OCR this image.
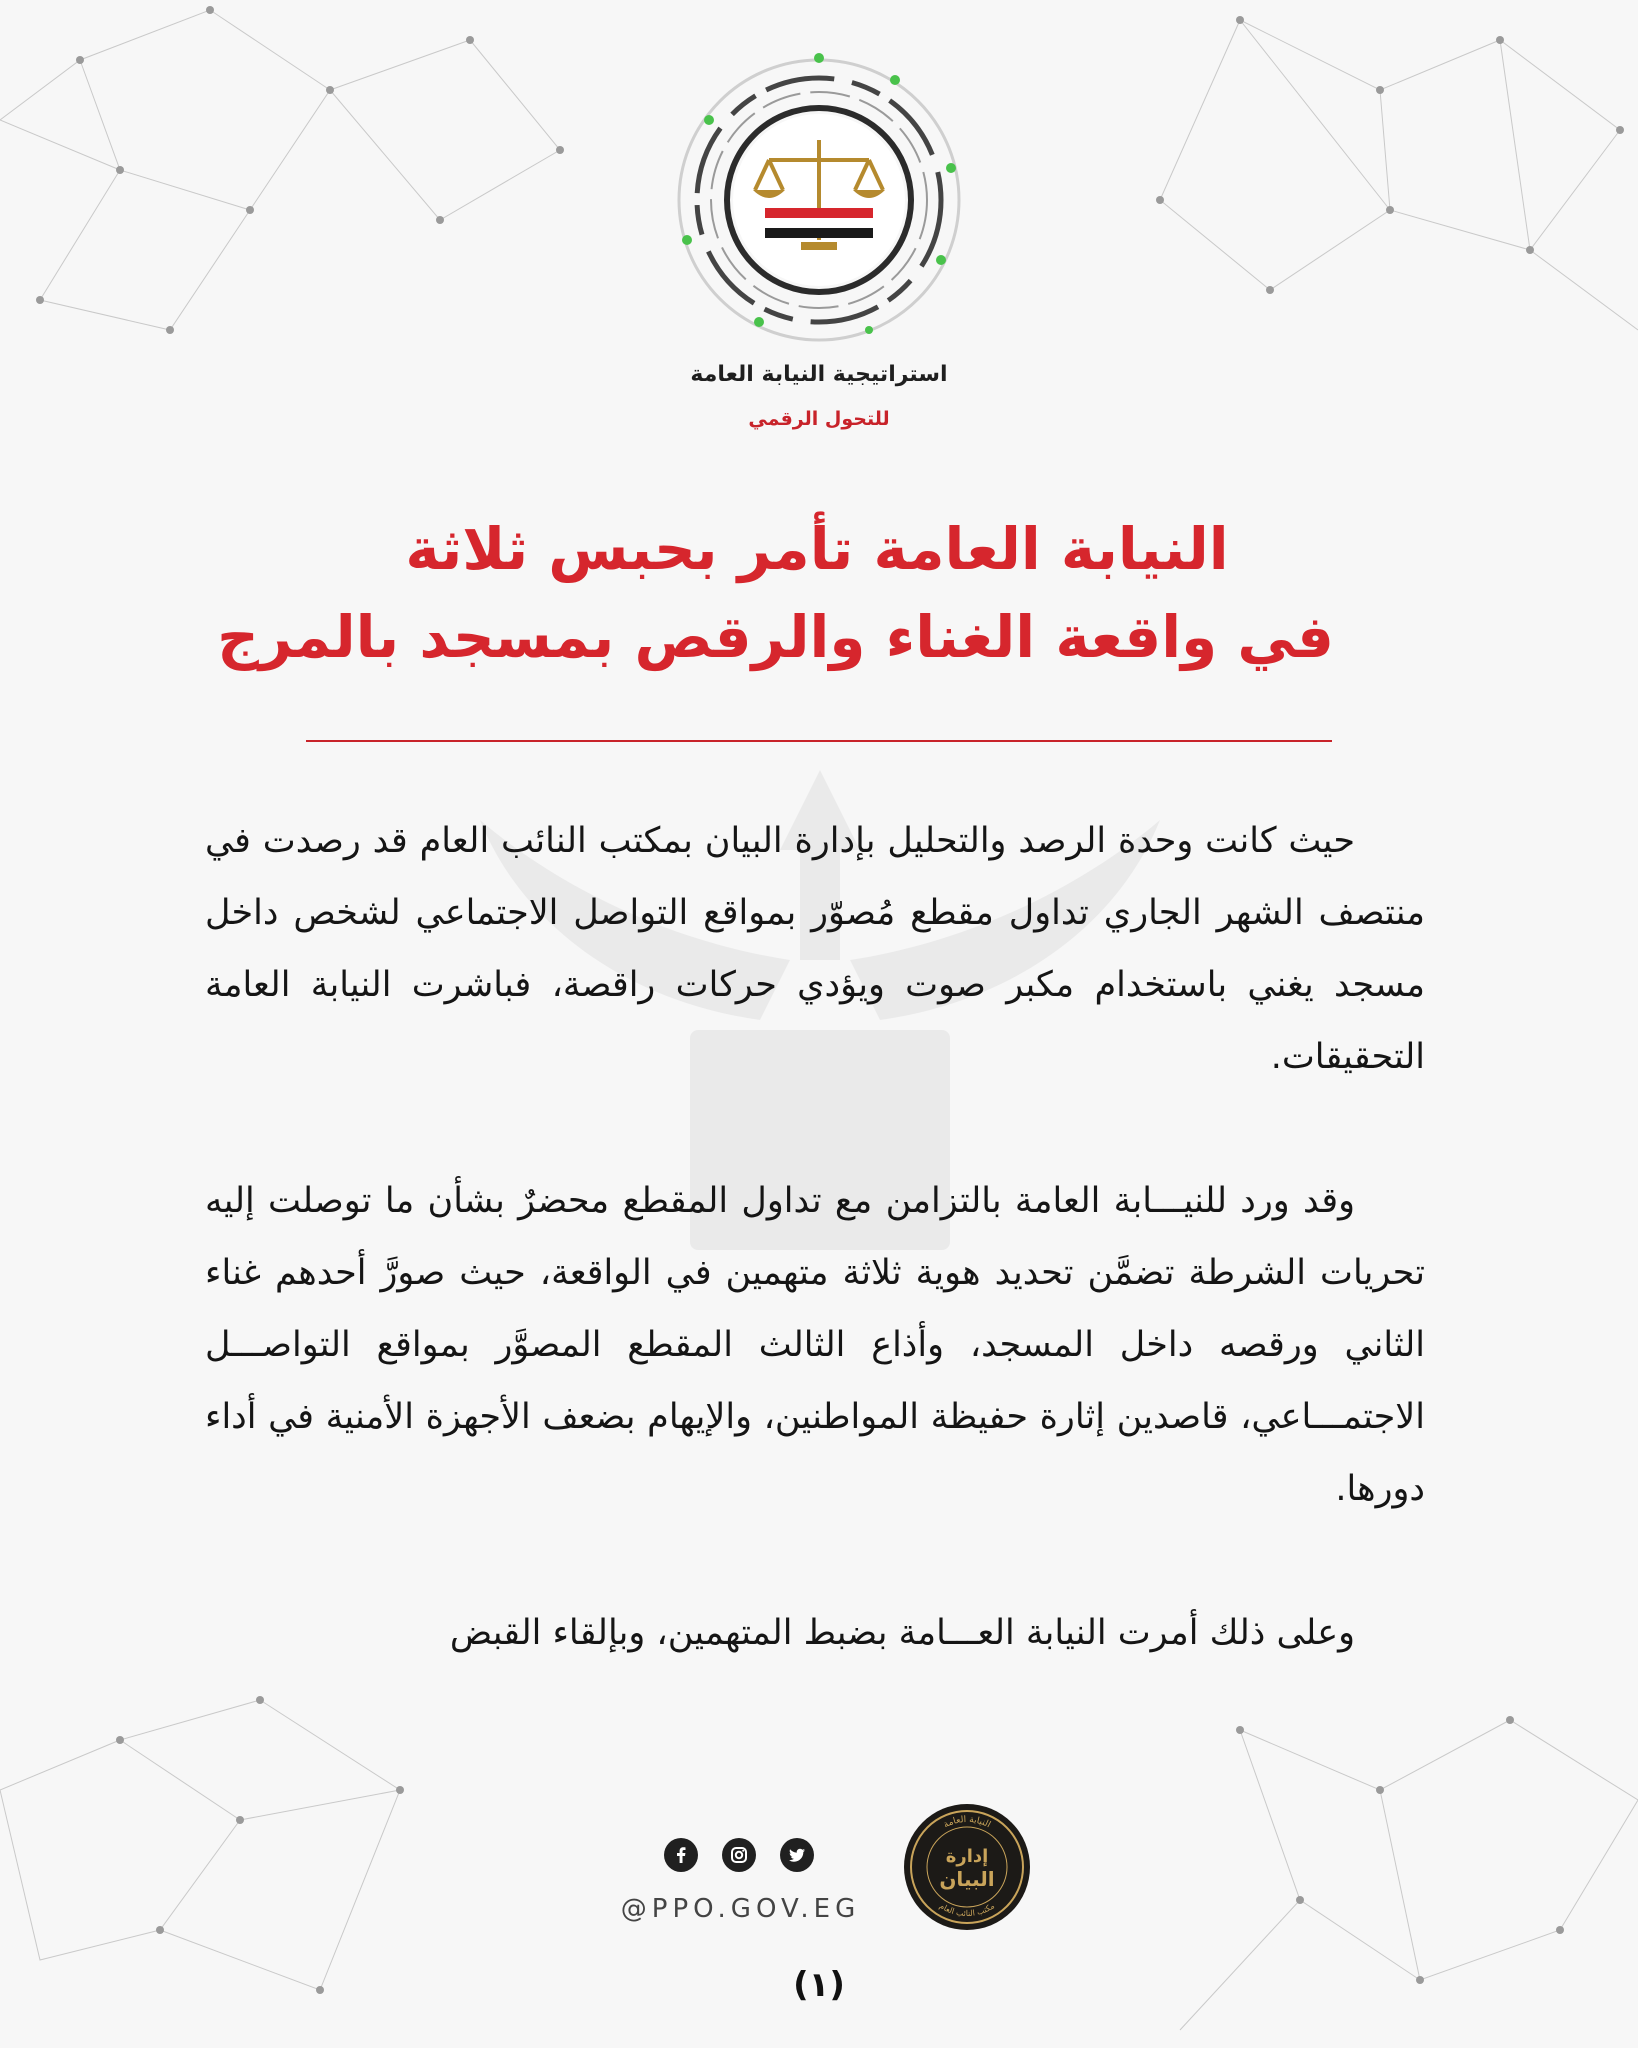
استراتيجية النيابة العامة
للتحول الرقمي
النيابة العامة تأمر بحبس ثلاثة
في واقعة الغناء والرقص بمسجد بالمرج

حيث كانت وحدة الرصد والتحليل بإدارة البيان بمكتب النائب العام قد رصدت في منتصف الشهر الجاري تداول مقطع مُصوّر بمواقع التواصل الاجتماعي لشخص داخل مسجد يغني باستخدام مكبر صوت ويؤدي حركات راقصة، فباشرت النيابة العامة التحقيقات.

وقد ورد للنيـــابة العامة بالتزامن مع تداول المقطع محضرٌ بشأن ما توصلت إليه تحريات الشرطة تضمَّن تحديد هوية ثلاثة متهمين في الواقعة، حيث صورَّ أحدهم غناء الثاني ورقصه داخل المسجد، وأذاع الثالث المقطع المصوَّر بمواقع التواصـــل الاجتمـــاعي، قاصدين إثارة حفيظة المواطنين، والإيهام بضعف الأجهزة الأمنية في أداء دورها.

وعلى ذلك أمرت النيابة العـــامة بضبط المتهمين، وبإلقاء القبض

@PPO.GOV.EG
النيابة العامة
مكتب النائب العام
إدارة
البيان
(١)
